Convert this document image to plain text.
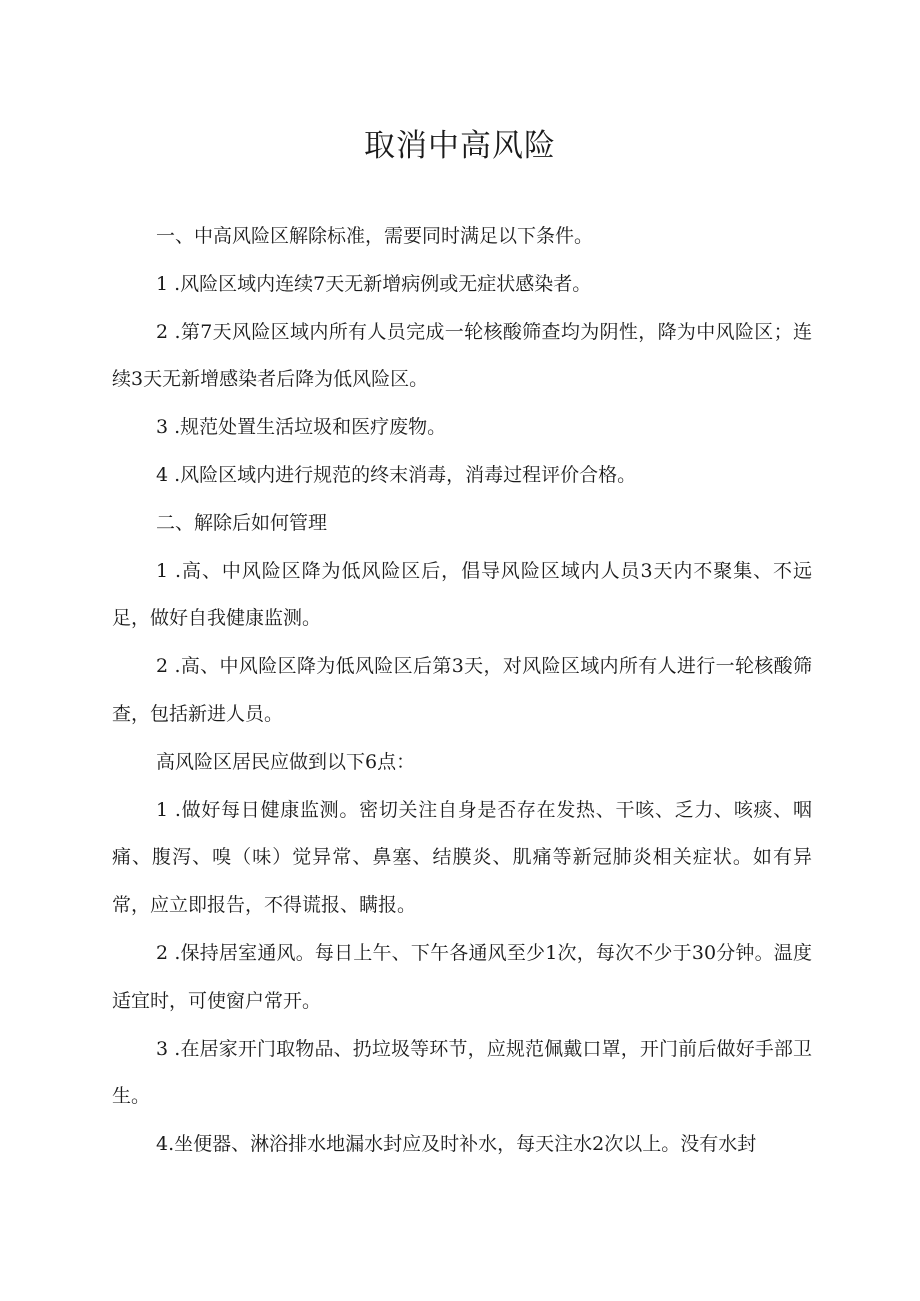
取消中高风险

一、中高风险区解除标准，需要同时满足以下条件。

1 .风险区域内连续7天无新增病例或无症状感染者。

2 .第7天风险区域内所有人员完成一轮核酸筛查均为阴性，降为中风险区；连续3天无新增感染者后降为低风险区。

3 .规范处置生活垃圾和医疗废物。

4 .风险区域内进行规范的终末消毒，消毒过程评价合格。

二、解除后如何管理

1 .高、中风险区降为低风险区后，倡导风险区域内人员3天内不聚集、不远足，做好自我健康监测。

2 .高、中风险区降为低风险区后第3天，对风险区域内所有人进行一轮核酸筛查，包括新进人员。

高风险区居民应做到以下6点：

1 .做好每日健康监测。密切关注自身是否存在发热、干咳、乏力、咳痰、咽痛、腹泻、嗅（味）觉异常、鼻塞、结膜炎、肌痛等新冠肺炎相关症状。如有异常，应立即报告，不得谎报、瞒报。

2 .保持居室通风。每日上午、下午各通风至少1次，每次不少于30分钟。温度适宜时，可使窗户常开。

3 .在居家开门取物品、扔垃圾等环节，应规范佩戴口罩，开门前后做好手部卫生。

4.坐便器、淋浴排水地漏水封应及时补水，每天注水2次以上。没有水封
